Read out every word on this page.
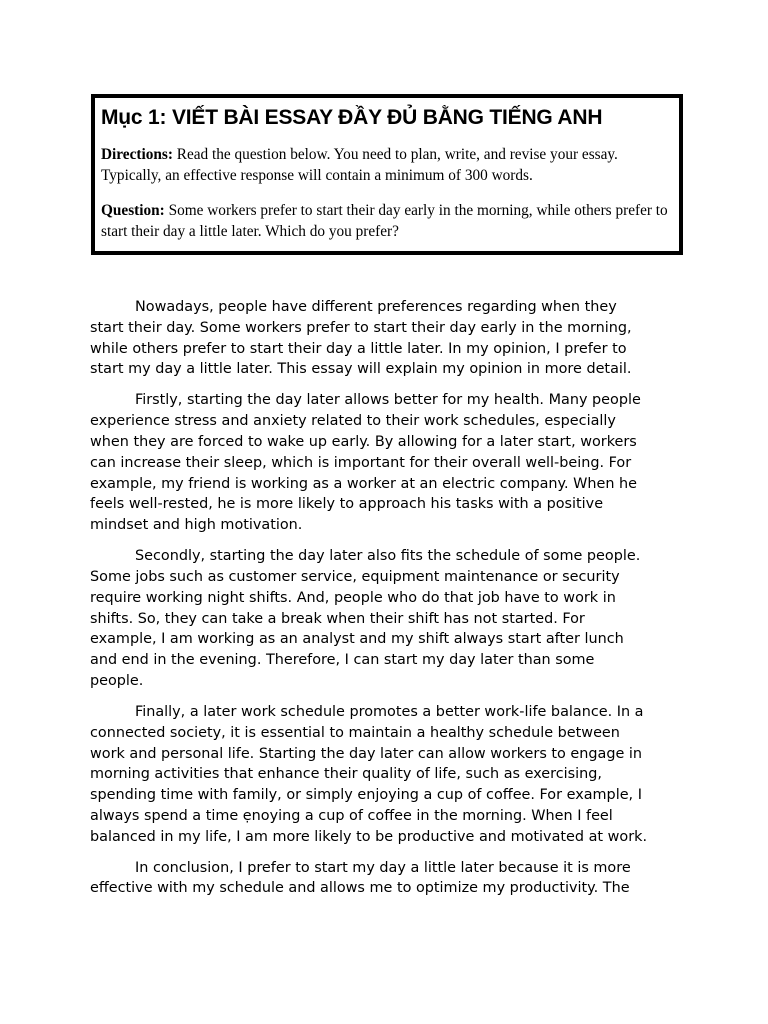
Mục 1: VIẾT BÀI ESSAY ĐẦY ĐỦ BẰNG TIẾNG ANH

Directions: Read the question below. You need to plan, write, and revise your essay. Typically, an effective response will contain a minimum of 300 words.

Question: Some workers prefer to start their day early in the morning, while others prefer to start their day a little later. Which do you prefer?

Nowadays, people have different preferences regarding when they
start their day. Some workers prefer to start their day early in the morning,
while others prefer to start their day a little later. In my opinion, I prefer to
start my day a little later. This essay will explain my opinion in more detail.

Firstly, starting the day later allows better for my health. Many people
experience stress and anxiety related to their work schedules, especially
when they are forced to wake up early. By allowing for a later start, workers
can increase their sleep, which is important for their overall well-being. For
example, my friend is working as a worker at an electric company. When he
feels well-rested, he is more likely to approach his tasks with a positive
mindset and high motivation.

Secondly, starting the day later also fits the schedule of some people.
Some jobs such as customer service, equipment maintenance or security
require working night shifts. And, people who do that job have to work in
shifts. So, they can take a break when their shift has not started. For
example, I am working as an analyst and my shift always start after lunch
and end in the evening. Therefore, I can start my day later than some
people.

Finally, a later work schedule promotes a better work-life balance. In a
connected society, it is essential to maintain a healthy schedule between
work and personal life. Starting the day later can allow workers to engage in
morning activities that enhance their quality of life, such as exercising,
spending time with family, or simply enjoying a cup of coffee. For example, I
always spend a time ẹnoying a cup of coffee in the morning. When I feel
balanced in my life, I am more likely to be productive and motivated at work.

In conclusion, I prefer to start my day a little later because it is more
effective with my schedule and allows me to optimize my productivity. The
